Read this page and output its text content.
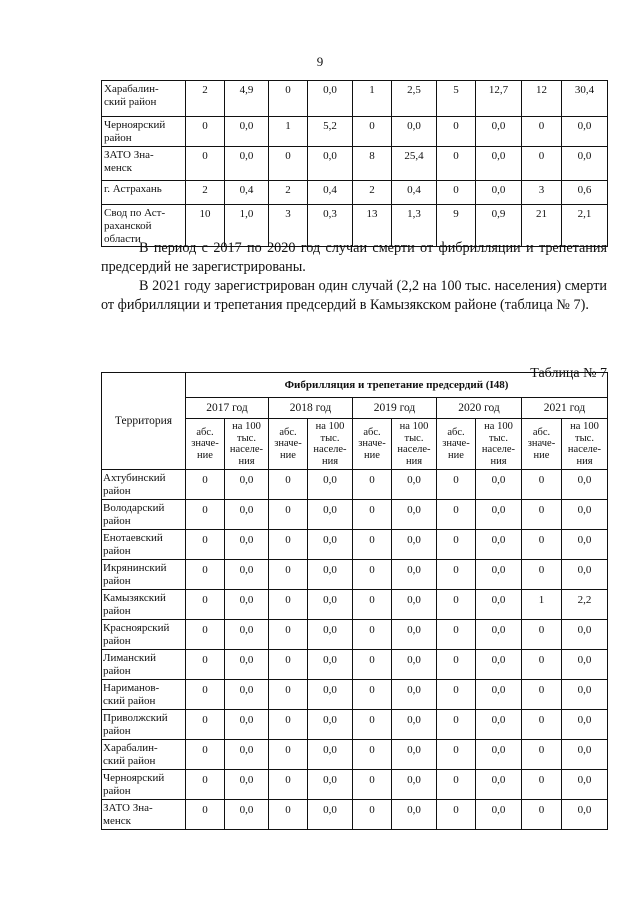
9
Харабалин-
ский район	2	4,9	0	0,0	1	2,5	5	12,7	12	30,4
Черноярский
район	0	0,0	1	5,2	0	0,0	0	0,0	0	0,0
ЗАТО Зна-
менск	0	0,0	0	0,0	8	25,4	0	0,0	0	0,0
г. Астрахань	2	0,4	2	0,4	2	0,4	0	0,0	3	0,6
Свод по Аст-
раханской
области	10	1,0	3	0,3	13	1,3	9	0,9	21	2,1
В период с 2017 по 2020 год случаи смерти от фибрилляции и трепетания предсердий не зарегистрированы.
В 2021 году зарегистрирован один случай (2,2 на 100 тыс. населения) смерти от фибрилляции и трепетания предсердий в Камызякском районе (таблица № 7).
Таблица № 7
Территория	Фибрилляция и трепетание предсердий (I48)									
	2017 год		2018 год		2019 год		2020 год		2021 год	
	абс.
значе-
ние	на 100
тыс.
населе-
ния	абс.
значе-
ние	на 100
тыс.
населе-
ния	абс.
значе-
ние	на 100
тыс.
населе-
ния	абс.
значе-
ние	на 100
тыс.
населе-
ния	абс.
значе-
ние	на 100
тыс.
населе-
ния
Ахтубинский
район	0	0,0	0	0,0	0	0,0	0	0,0	0	0,0
Володарский
район	0	0,0	0	0,0	0	0,0	0	0,0	0	0,0
Енотаевский
район	0	0,0	0	0,0	0	0,0	0	0,0	0	0,0
Икрянинский
район	0	0,0	0	0,0	0	0,0	0	0,0	0	0,0
Камызякский
район	0	0,0	0	0,0	0	0,0	0	0,0	1	2,2
Красноярский
район	0	0,0	0	0,0	0	0,0	0	0,0	0	0,0
Лиманский
район	0	0,0	0	0,0	0	0,0	0	0,0	0	0,0
Нариманов-
ский район	0	0,0	0	0,0	0	0,0	0	0,0	0	0,0
Приволжский
район	0	0,0	0	0,0	0	0,0	0	0,0	0	0,0
Харабалин-
ский район	0	0,0	0	0,0	0	0,0	0	0,0	0	0,0
Черноярский
район	0	0,0	0	0,0	0	0,0	0	0,0	0	0,0
ЗАТО Зна-
менск	0	0,0	0	0,0	0	0,0	0	0,0	0	0,0
